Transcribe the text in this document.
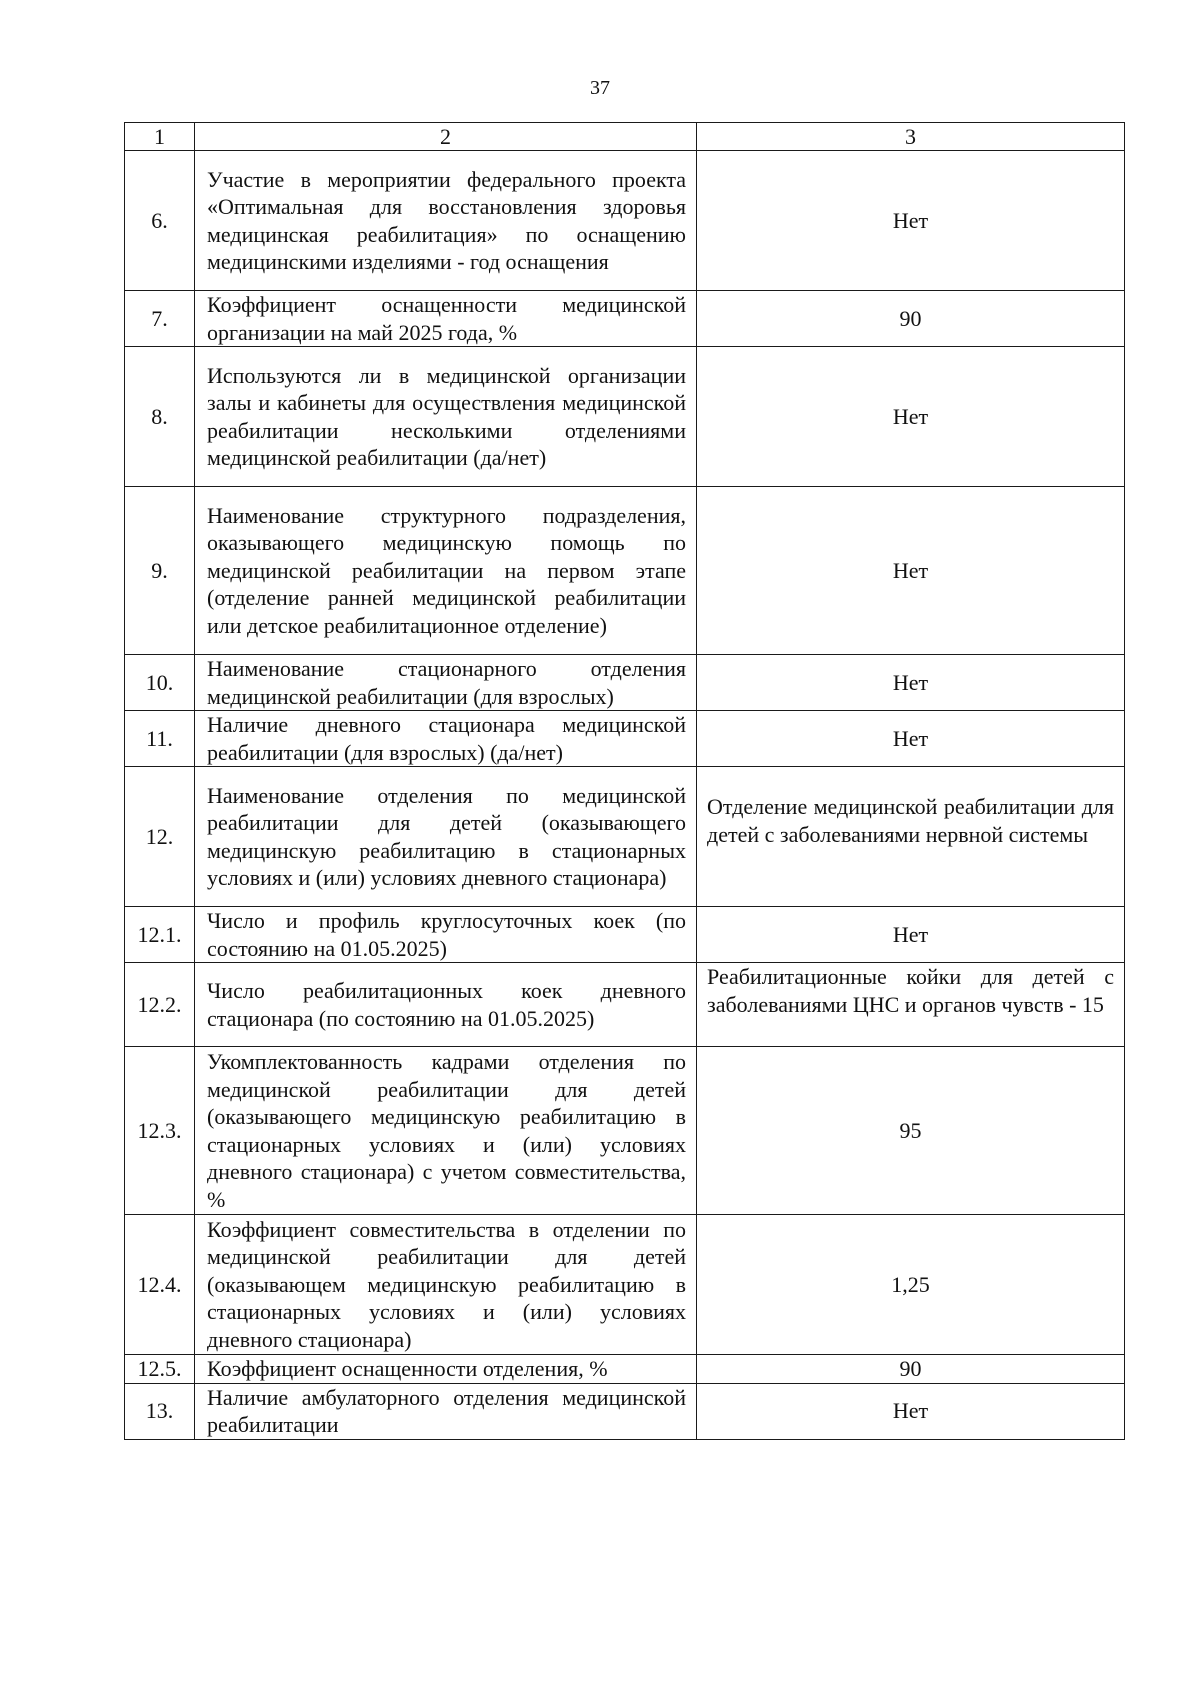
37
1	2	3
6.	Участие в мероприятии федерального проекта «Оптимальная для восстановления здоровья медицинская реабилитация» по оснащению медицинскими изделиями - год оснащения	Нет
7.	Коэффициент оснащенности медицинской организации на май 2025 года, %	90
8.	Используются ли в медицинской организации залы и кабинеты для осуществления медицинской реабилитации несколькими отделениями медицинской реабилитации (да/нет)	Нет
9.	Наименование структурного подразделения, оказывающего медицинскую помощь по медицинской реабилитации на первом этапе (отделение ранней медицинской реабилитации или детское реабилитационное отделение)	Нет
10.	Наименование стационарного отделения медицинской реабилитации (для взрослых)	Нет
11.	Наличие дневного стационара медицинской реабилитации (для взрослых) (да/нет)	Нет
12.	Наименование отделения по медицинской реабилитации для детей (оказывающего медицинскую реабилитацию в стационарных условиях и (или) условиях дневного стационара)	Отделение медицинской реабилитации для детей с заболеваниями нервной системы

12.1.	Число и профиль круглосуточных коек (по состоянию на 01.05.2025)	Нет
12.2.	Число реабилитационных коек дневного стационара (по состоянию на 01.05.2025)	Реабилитационные койки для детей с заболеваниями ЦНС и органов чувств - 15

12.3.	Укомплектованность кадрами отделения по медицинской реабилитации для детей (оказывающего медицинскую реабилитацию в стационарных условиях и (или) условиях дневного стационара) с учетом совместительства, %	95
12.4.	Коэффициент совместительства в отделении по медицинской реабилитации для детей (оказывающем медицинскую реабилитацию в стационарных условиях и (или) условиях дневного стационара)	1,25
12.5.	Коэффициент оснащенности отделения, %	90
13.	Наличие амбулаторного отделения медицинской реабилитации	Нет
